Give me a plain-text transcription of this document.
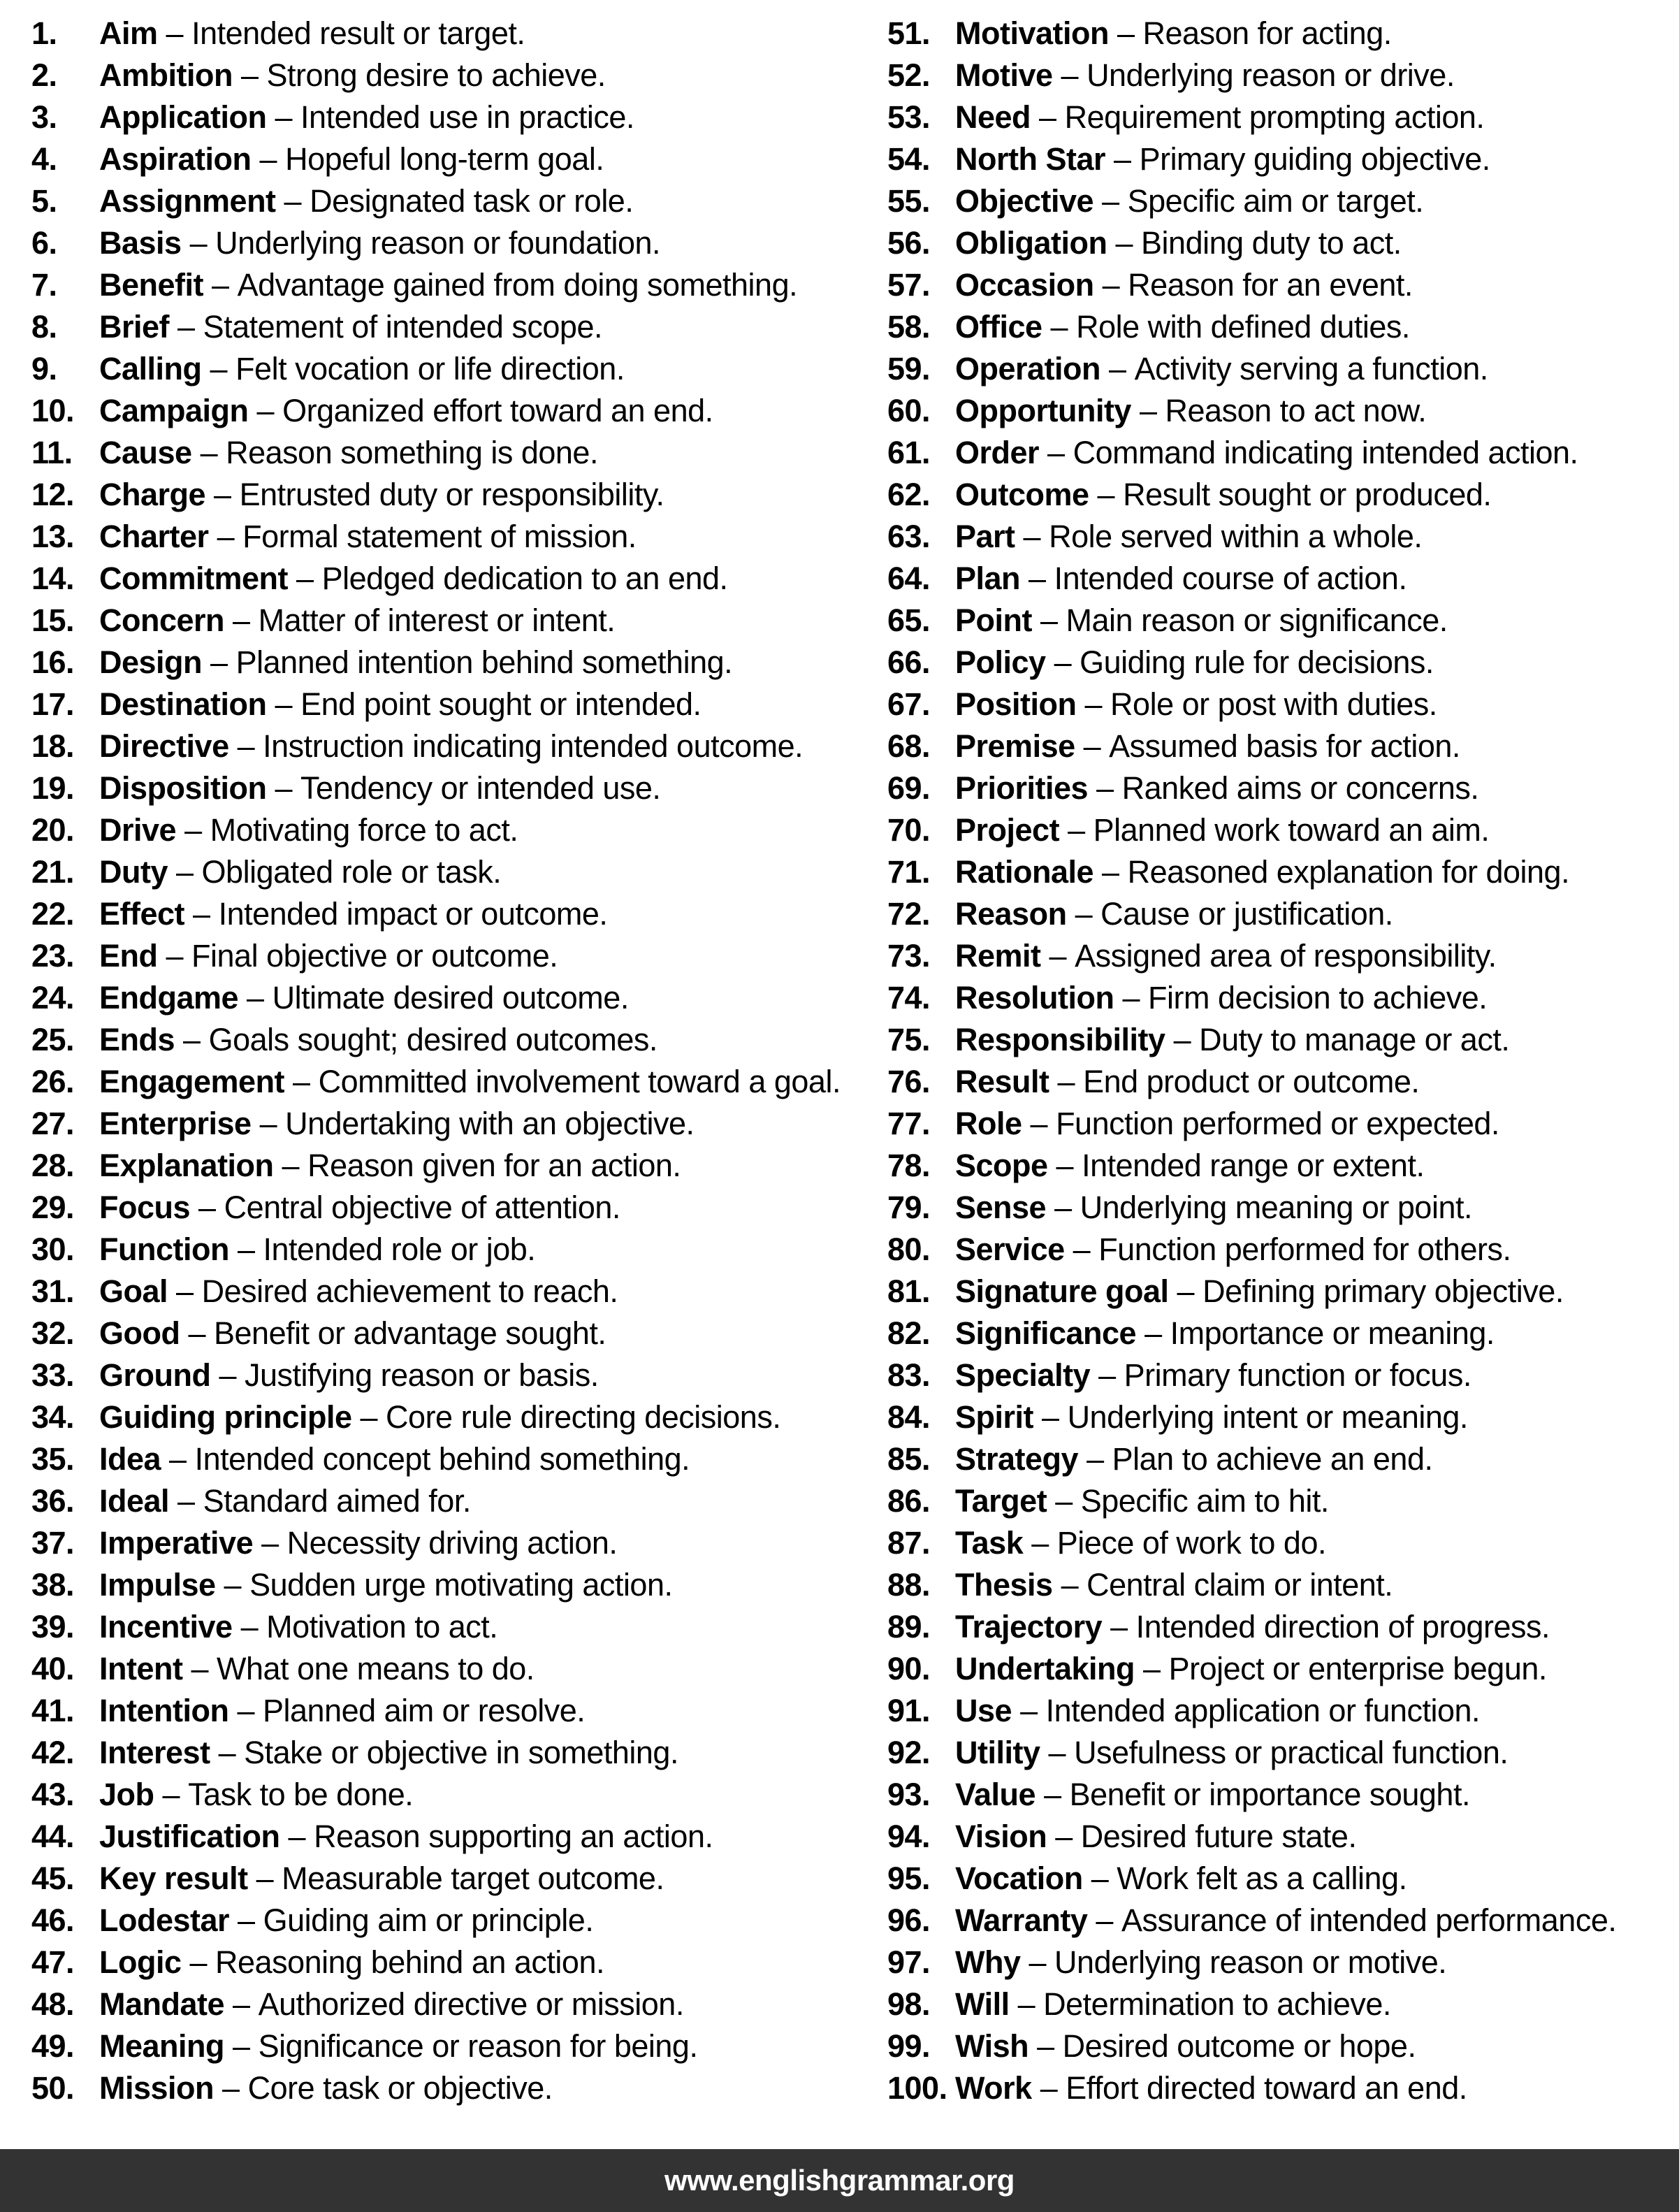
1.	Aim – Intended result or target.
2.	Ambition – Strong desire to achieve.
3.	Application – Intended use in practice.
4.	Aspiration – Hopeful long-term goal.
5.	Assignment – Designated task or role.
6.	Basis – Underlying reason or foundation.
7.	Benefit – Advantage gained from doing something.
8.	Brief – Statement of intended scope.
9.	Calling – Felt vocation or life direction.
10. Campaign – Organized effort toward an end.
11. Cause – Reason something is done.
12. Charge – Entrusted duty or responsibility.
13. Charter – Formal statement of mission.
14. Commitment – Pledged dedication to an end.
15. Concern – Matter of interest or intent.
16. Design – Planned intention behind something.
17. Destination – End point sought or intended.
18. Directive – Instruction indicating intended outcome.
19. Disposition – Tendency or intended use.
20. Drive – Motivating force to act.
21. Duty – Obligated role or task.
22. Effect – Intended impact or outcome.
23. End – Final objective or outcome.
24. Endgame – Ultimate desired outcome.
25. Ends – Goals sought; desired outcomes.
26. Engagement – Committed involvement toward a goal.
27. Enterprise – Undertaking with an objective.
28. Explanation – Reason given for an action.
29. Focus – Central objective of attention.
30. Function – Intended role or job.
31. Goal – Desired achievement to reach.
32. Good – Benefit or advantage sought.
33. Ground – Justifying reason or basis.
34. Guiding principle – Core rule directing decisions.
35. Idea – Intended concept behind something.
36. Ideal – Standard aimed for.
37. Imperative – Necessity driving action.
38. Impulse – Sudden urge motivating action.
39. Incentive – Motivation to act.
40. Intent – What one means to do.
41. Intention – Planned aim or resolve.
42. Interest – Stake or objective in something.
43. Job – Task to be done.
44. Justification – Reason supporting an action.
45. Key result – Measurable target outcome.
46. Lodestar – Guiding aim or principle.
47. Logic – Reasoning behind an action.
48. Mandate – Authorized directive or mission.
49. Meaning – Significance or reason for being.
50. Mission – Core task or objective.
51. Motivation – Reason for acting.
52. Motive – Underlying reason or drive.
53. Need – Requirement prompting action.
54. North Star – Primary guiding objective.
55. Objective – Specific aim or target.
56. Obligation – Binding duty to act.
57. Occasion – Reason for an event.
58. Office – Role with defined duties.
59. Operation – Activity serving a function.
60. Opportunity – Reason to act now.
61. Order – Command indicating intended action.
62. Outcome – Result sought or produced.
63. Part – Role served within a whole.
64. Plan – Intended course of action.
65. Point – Main reason or significance.
66. Policy – Guiding rule for decisions.
67. Position – Role or post with duties.
68. Premise – Assumed basis for action.
69. Priorities – Ranked aims or concerns.
70. Project – Planned work toward an aim.
71. Rationale – Reasoned explanation for doing.
72. Reason – Cause or justification.
73. Remit – Assigned area of responsibility.
74. Resolution – Firm decision to achieve.
75. Responsibility – Duty to manage or act.
76. Result – End product or outcome.
77. Role – Function performed or expected.
78. Scope – Intended range or extent.
79. Sense – Underlying meaning or point.
80. Service – Function performed for others.
81. Signature goal – Defining primary objective.
82. Significance – Importance or meaning.
83. Specialty – Primary function or focus.
84. Spirit – Underlying intent or meaning.
85. Strategy – Plan to achieve an end.
86. Target – Specific aim to hit.
87. Task – Piece of work to do.
88. Thesis – Central claim or intent.
89. Trajectory – Intended direction of progress.
90. Undertaking – Project or enterprise begun.
91. Use – Intended application or function.
92. Utility – Usefulness or practical function.
93. Value – Benefit or importance sought.
94. Vision – Desired future state.
95. Vocation – Work felt as a calling.
96. Warranty – Assurance of intended performance.
97. Why – Underlying reason or motive.
98. Will – Determination to achieve.
99. Wish – Desired outcome or hope.
100. Work – Effort directed toward an end.
www.englishgrammar.org
